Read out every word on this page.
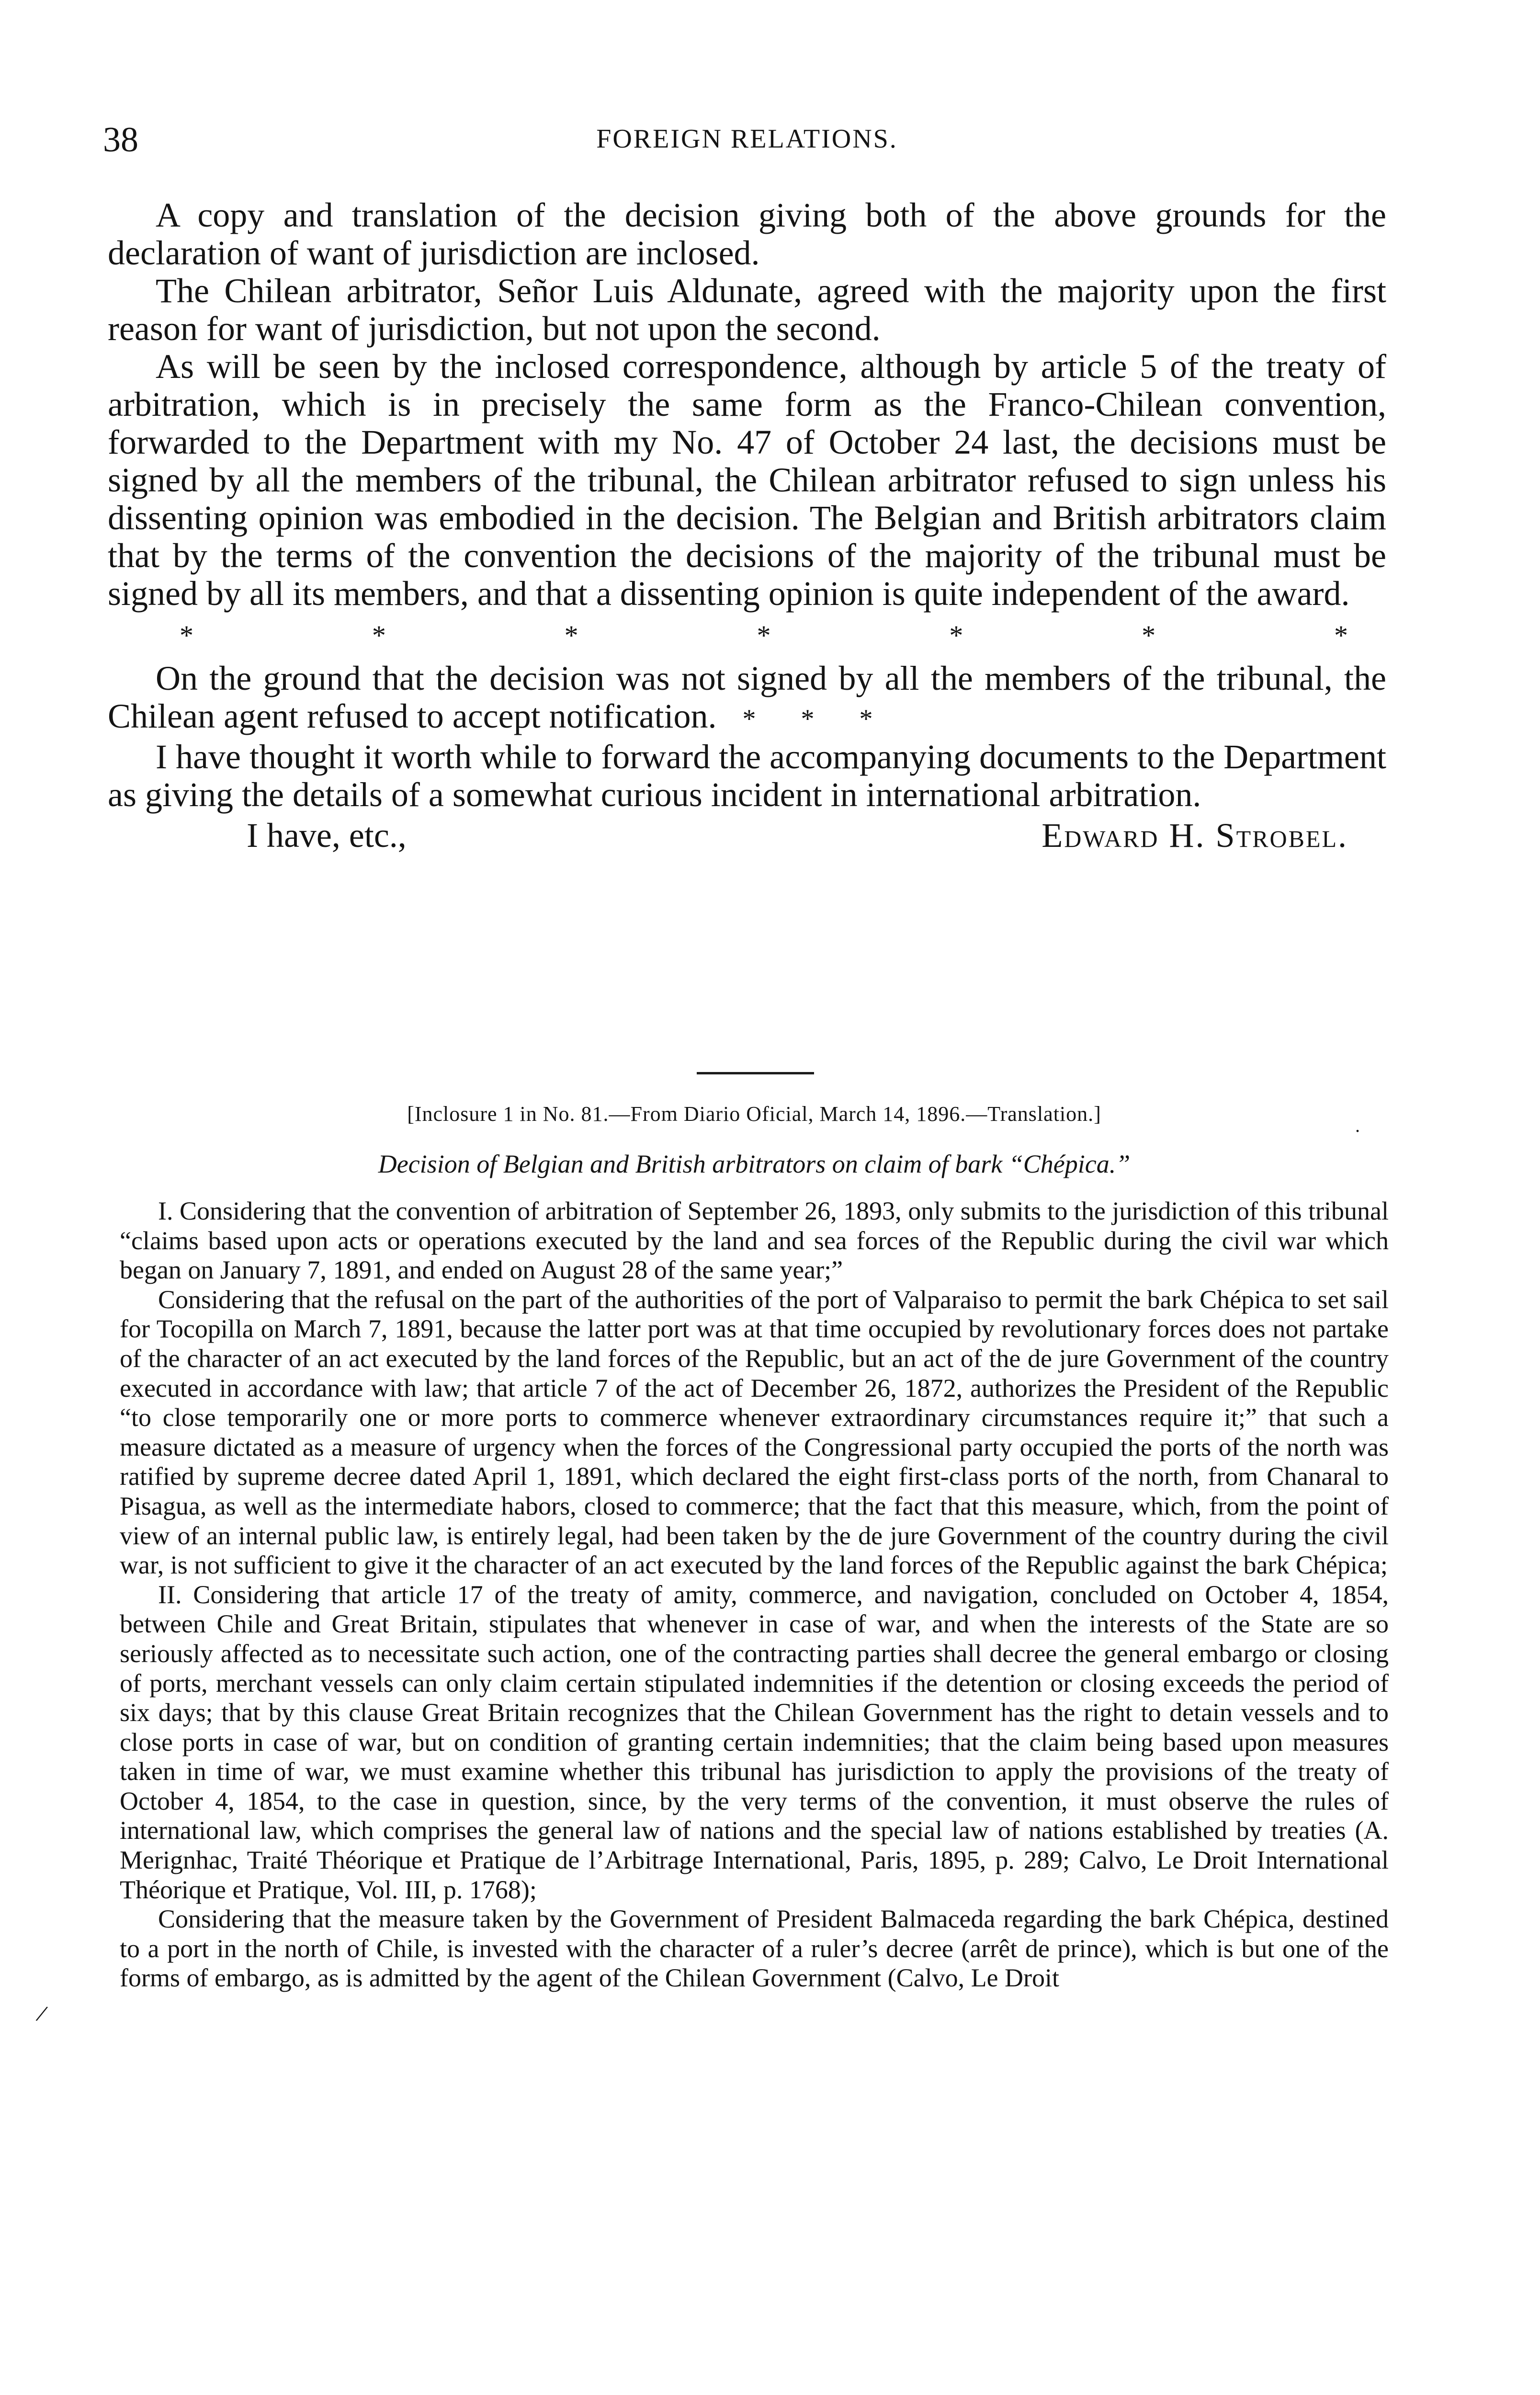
38	FOREIGN RELATIONS.

A copy and translation of the decision giving both of the above grounds for the declaration of want of jurisdiction are inclosed.

The Chilean arbitrator, Señor Luis Aldunate, agreed with the majority upon the first reason for want of jurisdiction, but not upon the second.

As will be seen by the inclosed correspondence, although by article 5 of the treaty of arbitration, which is in precisely the same form as the Franco-Chilean convention, forwarded to the Department with my No. 47 of October 24 last, the decisions must be signed by all the members of the tribunal, the Chilean arbitrator refused to sign unless his dissenting opinion was embodied in the decision. The Belgian and British arbitrators claim that by the terms of the convention the decisions of the majority of the tribunal must be signed by all its members, and that a dissenting opinion is quite independent of the award.

*	*	*	*	*	*	*

On the ground that the decision was not signed by all the members of the tribunal, the Chilean agent refused to accept notification. * * *

I have thought it worth while to forward the accompanying documents to the Department as giving the details of a somewhat curious incident in international arbitration.

I have, etc.,	Edward H. Strobel.
[Inclosure 1 in No. 81.—From Diario Oficial, March 14, 1896.—Translation.]
Decision of Belgian and British arbitrators on claim of bark “Chépica.”

I. Considering that the convention of arbitration of September 26, 1893, only submits to the jurisdiction of this tribunal “claims based upon acts or operations executed by the land and sea forces of the Republic during the civil war which began on January 7, 1891, and ended on August 28 of the same year;”

Considering that the refusal on the part of the authorities of the port of Valparaiso to permit the bark Chépica to set sail for Tocopilla on March 7, 1891, because the latter port was at that time occupied by revolutionary forces does not partake of the character of an act executed by the land forces of the Republic, but an act of the de jure Government of the country executed in accordance with law; that article 7 of the act of December 26, 1872, authorizes the President of the Republic “to close temporarily one or more ports to commerce whenever extraordinary circumstances require it;” that such a measure dictated as a measure of urgency when the forces of the Congressional party occupied the ports of the north was ratified by supreme decree dated April 1, 1891, which declared the eight first-class ports of the north, from Chanaral to Pisagua, as well as the intermediate habors, closed to commerce; that the fact that this measure, which, from the point of view of an internal public law, is entirely legal, had been taken by the de jure Government of the country during the civil war, is not sufficient to give it the character of an act executed by the land forces of the Republic against the bark Chépica;

II. Considering that article 17 of the treaty of amity, commerce, and navigation, concluded on October 4, 1854, between Chile and Great Britain, stipulates that whenever in case of war, and when the interests of the State are so seriously affected as to necessitate such action, one of the contracting parties shall decree the general embargo or closing of ports, merchant vessels can only claim certain stipulated indemnities if the detention or closing exceeds the period of six days; that by this clause Great Britain recognizes that the Chilean Government has the right to detain vessels and to close ports in case of war, but on condition of granting certain indemnities; that the claim being based upon measures taken in time of war, we must examine whether this tribunal has jurisdiction to apply the provisions of the treaty of October 4, 1854, to the case in question, since, by the very terms of the convention, it must observe the rules of international law, which comprises the general law of nations and the special law of nations established by treaties (A. Merignhac, Traité Théorique et Pratique de l’Arbitrage International, Paris, 1895, p. 289; Calvo, Le Droit International Théorique et Pratique, Vol. III, p. 1768);

Considering that the measure taken by the Government of President Balmaceda regarding the bark Chépica, destined to a port in the north of Chile, is invested with the character of a ruler’s decree (arrêt de prince), which is but one of the forms of embargo, as is admitted by the agent of the Chilean Government (Calvo, Le Droit

/
.
